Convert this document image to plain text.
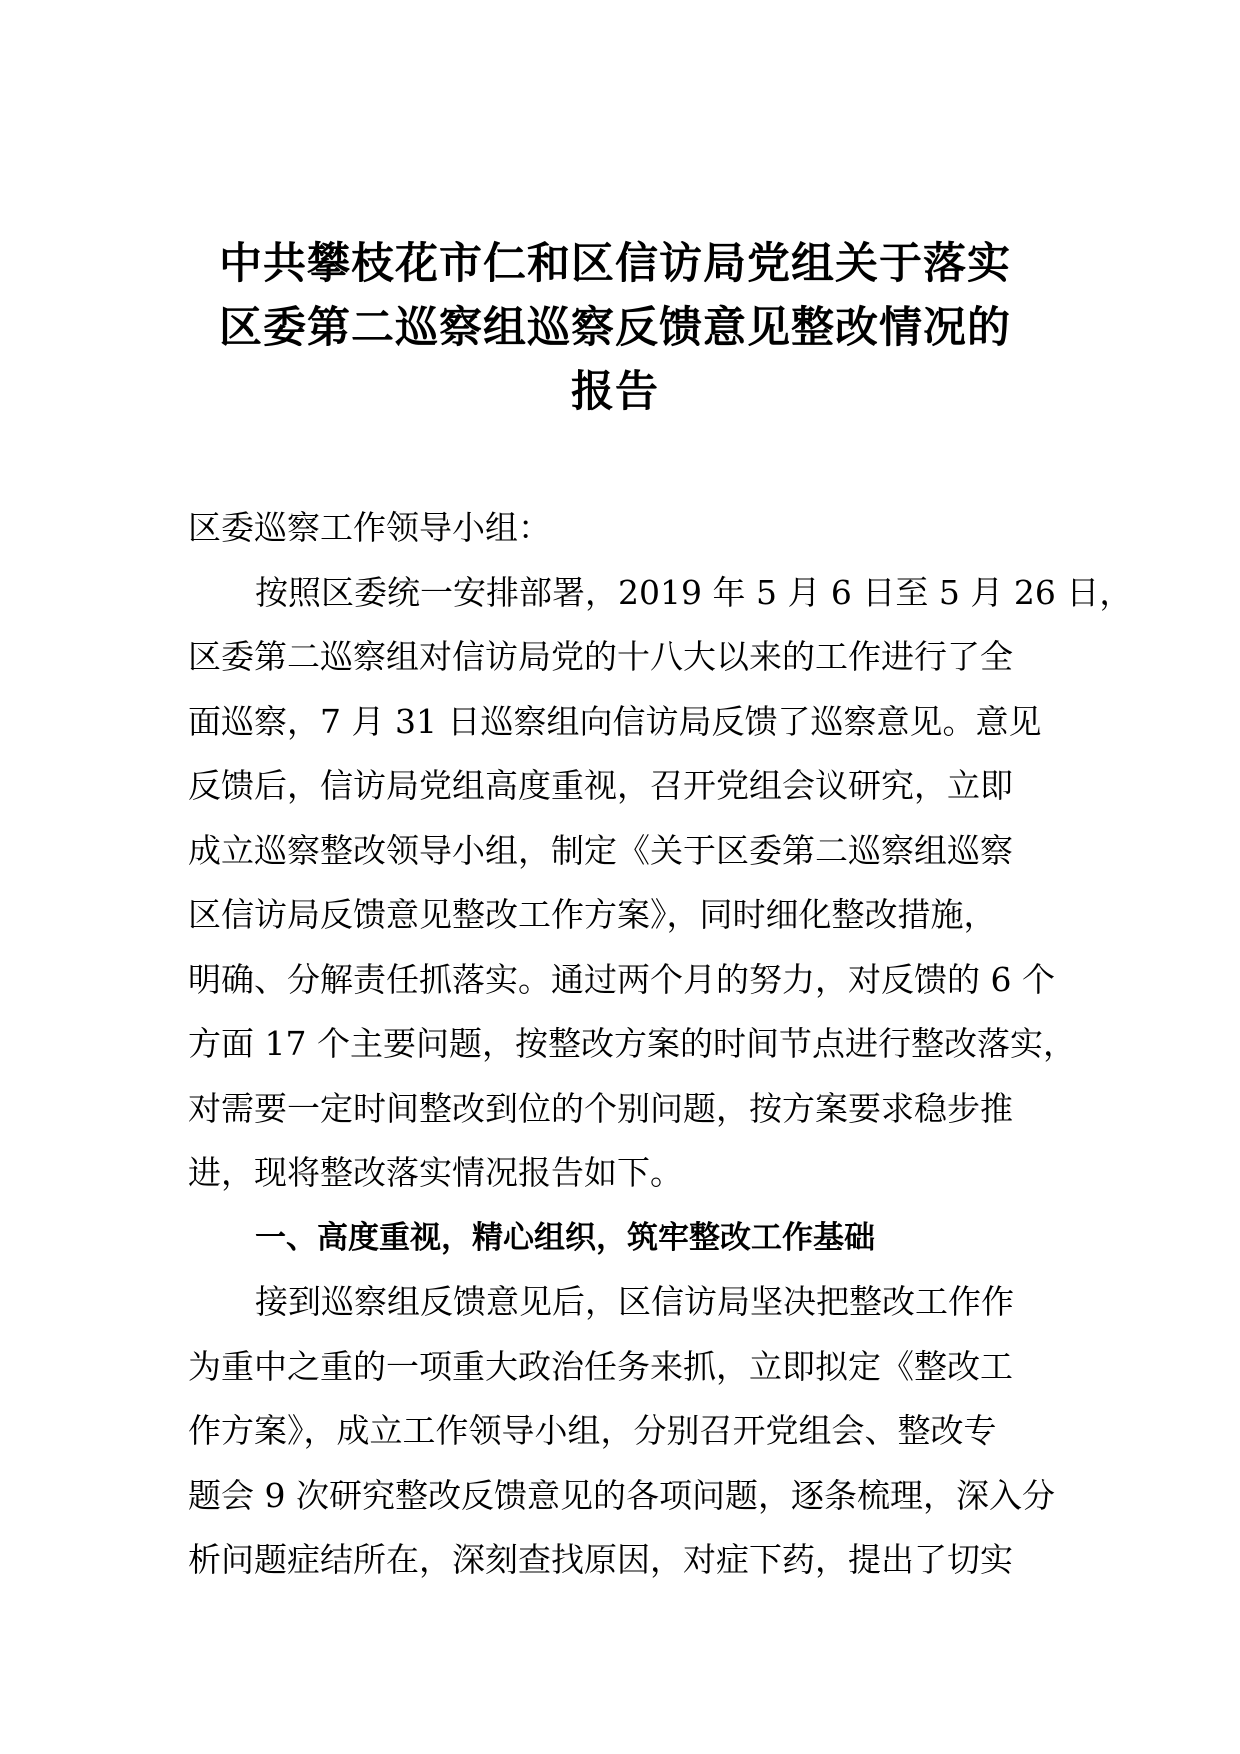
中共攀枝花市仁和区信访局党组关于落实
区委第二巡察组巡察反馈意见整改情况的
报告
区委巡察工作领导小组：
按照区委统一安排部署，2019 年 5 月 6 日至 5 月 26 日，
区委第二巡察组对信访局党的十八大以来的工作进行了全
面巡察，7 月 31 日巡察组向信访局反馈了巡察意见。意见
反馈后，信访局党组高度重视，召开党组会议研究，立即
成立巡察整改领导小组，制定《关于区委第二巡察组巡察
区信访局反馈意见整改工作方案》，同时细化整改措施，
明确、分解责任抓落实。通过两个月的努力，对反馈的 6 个
方面 17 个主要问题，按整改方案的时间节点进行整改落实，
对需要一定时间整改到位的个别问题，按方案要求稳步推
进，现将整改落实情况报告如下。
一、高度重视，精心组织，筑牢整改工作基础
接到巡察组反馈意见后，区信访局坚决把整改工作作
为重中之重的一项重大政治任务来抓，立即拟定《整改工
作方案》，成立工作领导小组，分别召开党组会、整改专
题会 9 次研究整改反馈意见的各项问题，逐条梳理，深入分
析问题症结所在，深刻查找原因，对症下药，提出了切实
